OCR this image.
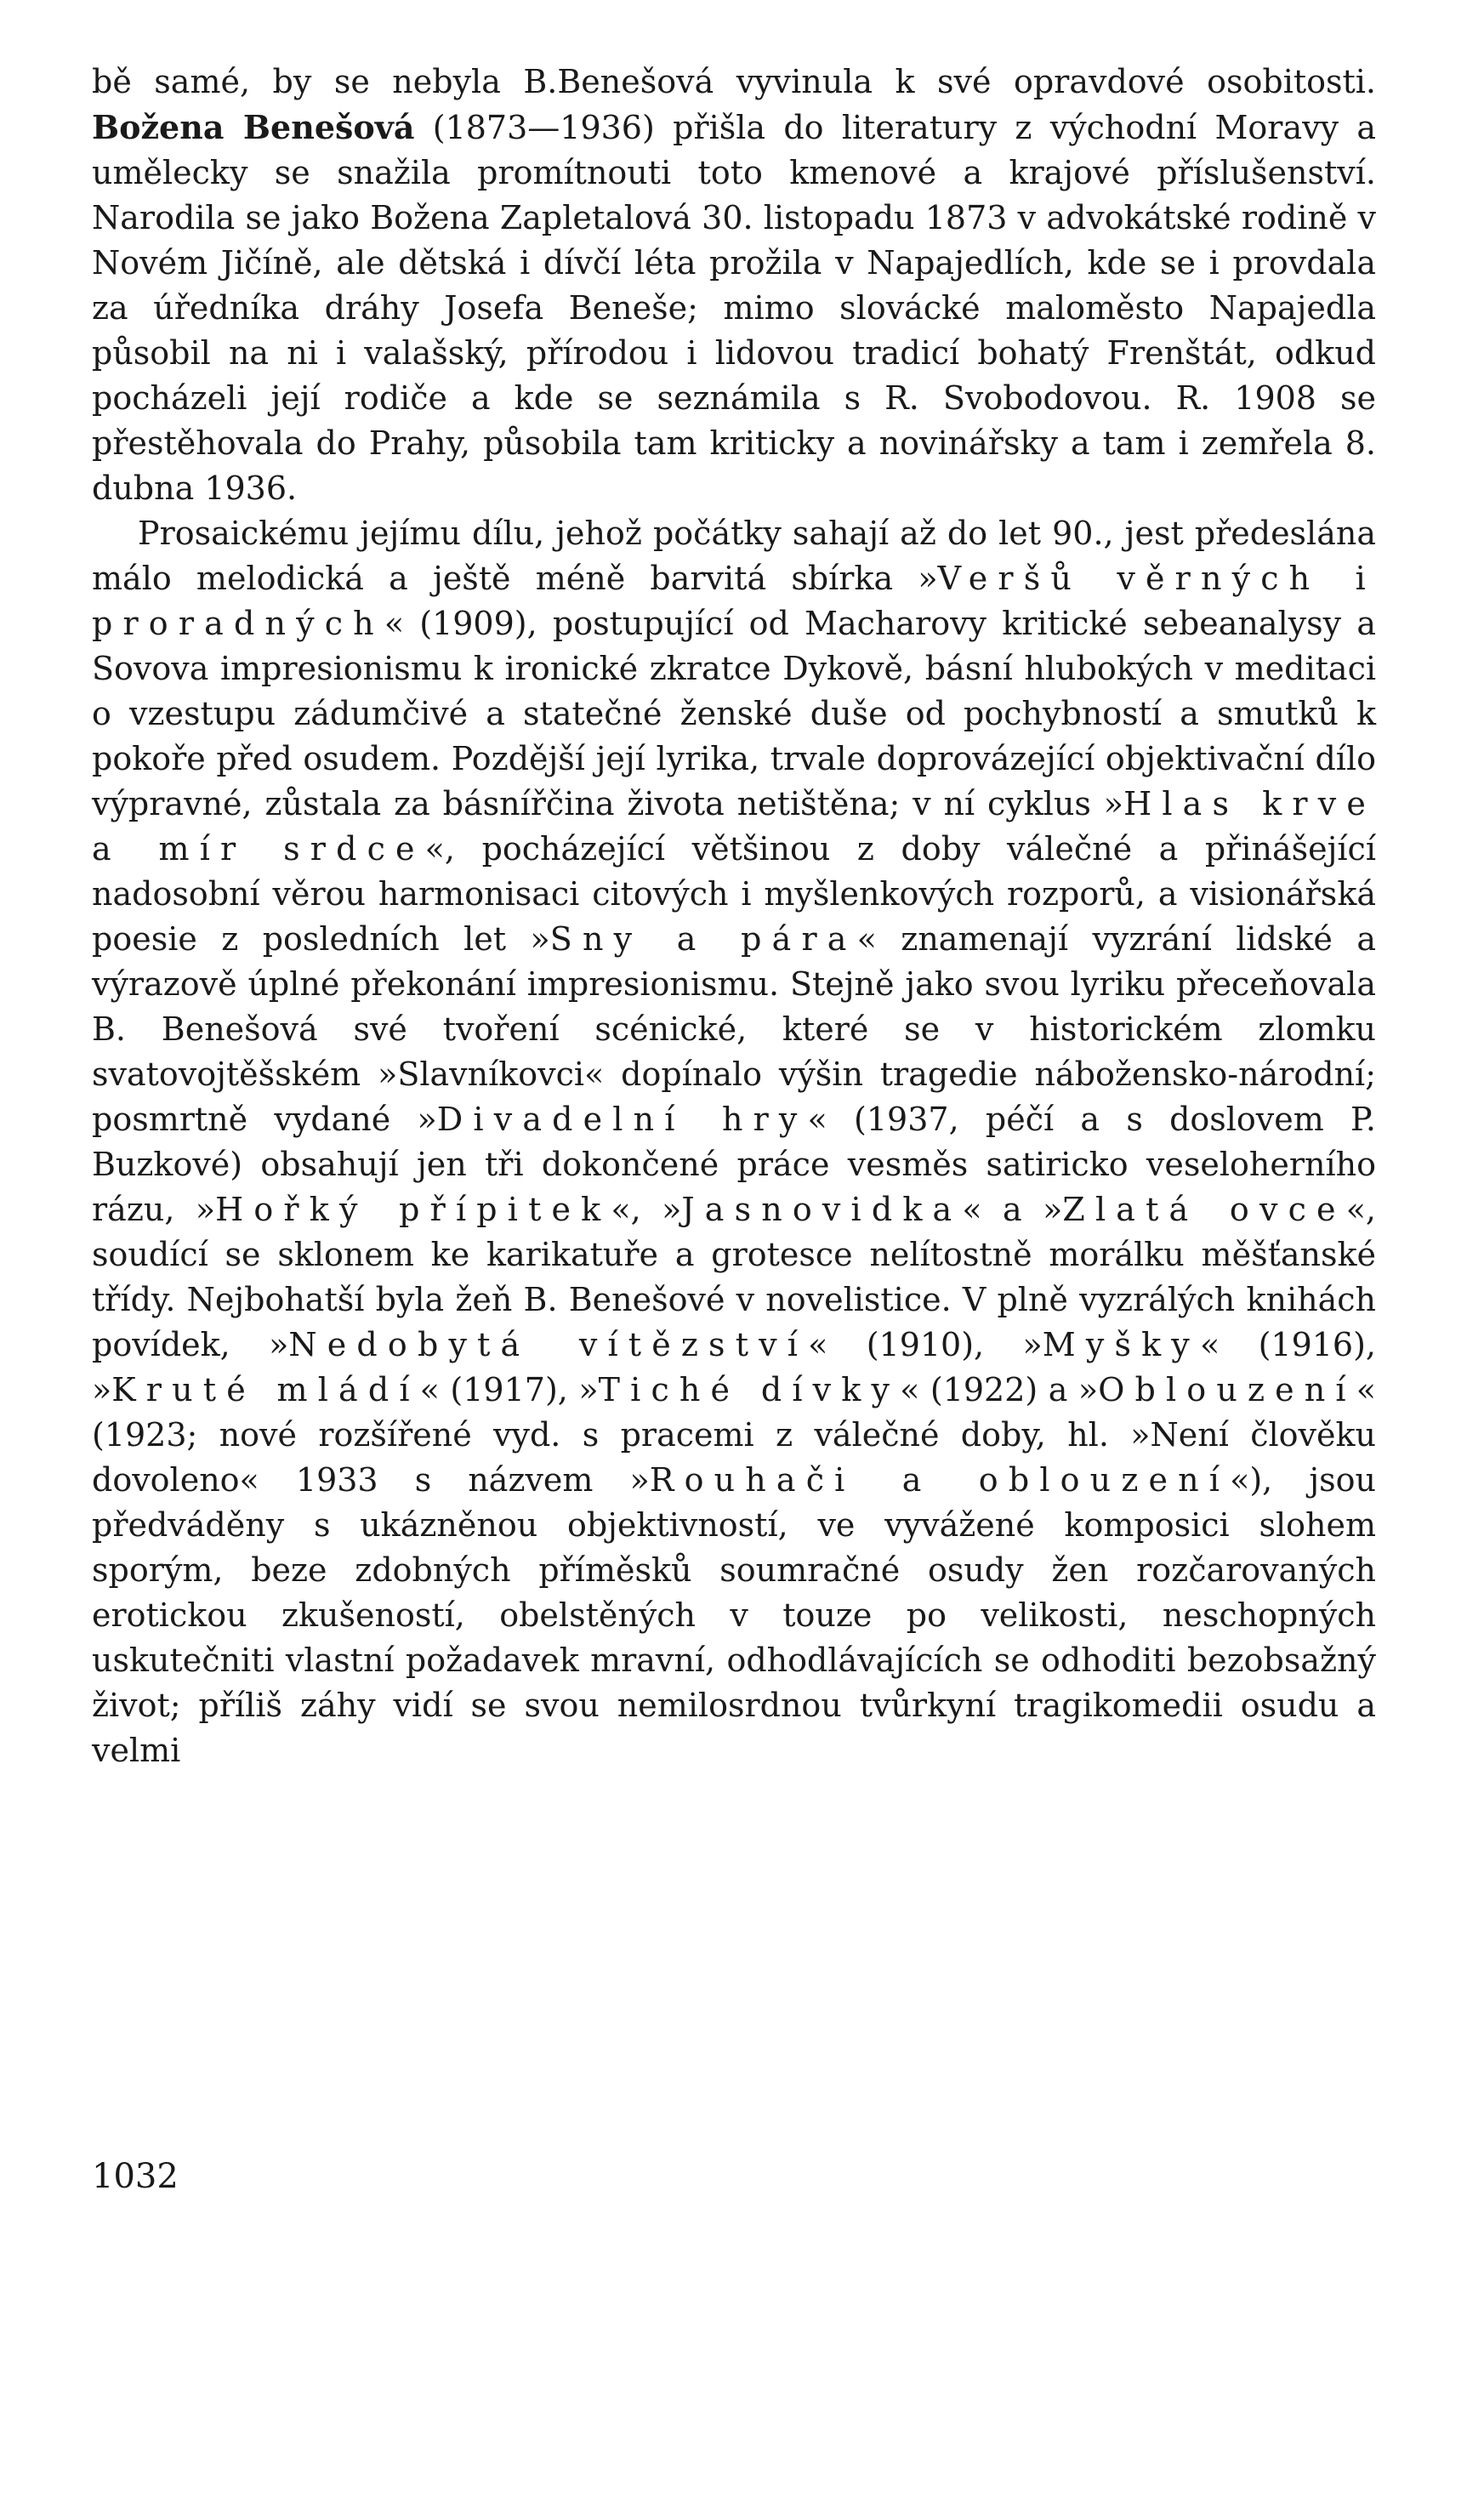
bě samé, by se nebyla B.Benešová vyvinula k své opravdové osobitosti. Božena Benešová (1873—1936) přišla do literatury z východní Moravy a umělecky se snažila promítnouti toto kmenové a krajové příslušenství. Narodila se jako Božena Zapletalová 30. listopadu 1873 v advokátské rodině v Novém Jičíně, ale dětská i dívčí léta prožila v Napajedlích, kde se i provdala za úředníka dráhy Josefa Beneše; mimo slovácké maloměsto Napajedla působil na ni i valašský, přírodou i lidovou tradicí bohatý Frenštát, odkud pocházeli její rodiče a kde se seznámila s R. Svobodovou. R. 1908 se přestěhovala do Prahy, působila tam kriticky a novinářsky a tam i zemřela 8. dubna 1936.

Prosaickému jejímu dílu, jehož počátky sahají až do let 90., jest předeslána málo melodická a ještě méně barvitá sbírka »Veršů věrných i proradných« (1909), postupující od Macharovy kritické sebeanalysy a Sovova impresionismu k ironické zkratce Dykově, básní hlubokých v meditaci o vzestupu zádumčivé a statečné ženské duše od pochybností a smutků k pokoře před osudem. Pozdější její lyrika, trvale doprovázející objektivační dílo výpravné, zůstala za básnířčina života netištěna; v ní cyklus »Hlas krve a mír srdce«, pocházející většinou z doby válečné a přinášející nadosobní věrou harmonisaci citových i myšlenkových rozporů, a visionářská poesie z posledních let »Sny a pára« znamenají vyzrání lidské a výrazově úplné překonání impresionismu. Stejně jako svou lyriku přeceňovala B. Benešová své tvoření scénické, které se v historickém zlomku svatovojtěšském »Slavníkovci« dopínalo výšin tragedie nábožensko-národní; posmrtně vydané »Divadelní hry« (1937, péčí a s doslovem P. Buzkové) obsahují jen tři dokončené práce vesměs satiricko veseloherního rázu, »Hořký přípitek«, »Jasnovidka« a »Zlatá ovce«, soudící se sklonem ke karikatuře a grotesce nelítostně morálku měšťanské třídy. Nejbohatší byla žeň B. Benešové v novelistice. V plně vyzrálých knihách povídek, »Nedobytá vítězství« (1910), »Myšky« (1916), »Kruté mládí« (1917), »Tiché dívky« (1922) a »Oblouzení« (1923; nové rozšířené vyd. s pracemi z válečné doby, hl. »Není člověku dovoleno« 1933 s názvem »Rouhači a oblouzení«), jsou předváděny s ukázněnou objektivností, ve vyvážené komposici slohem sporým, beze zdobných příměsků soumračné osudy žen rozčarovaných erotickou zkušeností, obelstěných v touze po velikosti, neschopných uskutečniti vlastní požadavek mravní, odhodlávajících se odhoditi bezobsažný život; příliš záhy vidí se svou nemilosrdnou tvůrkyní tragikomedii osudu a velmi

1032
